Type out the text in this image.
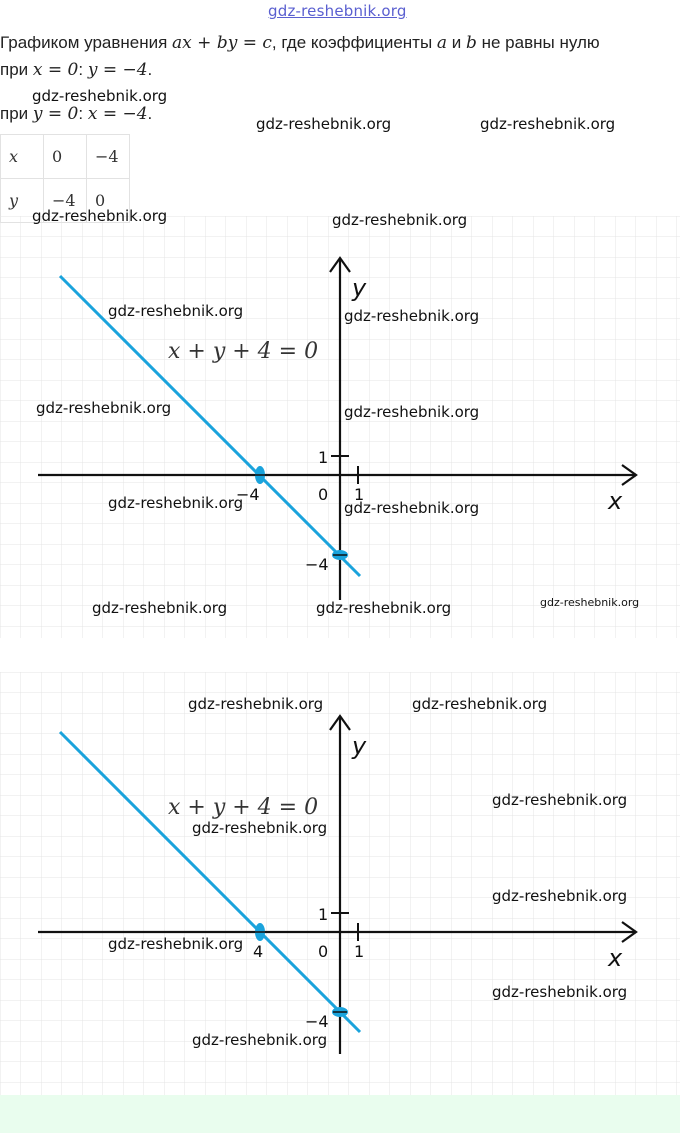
gdz-reshebnik.org
Графиком уравнения ax + by = c, где коэффициенты a и b не равны нулю
при x = 0: y = −4.
при y = 0: x = −4.
x	0	−4
y	−4	0
x + y + 4 = 0
y
x
0 1
1
−4
−4
x + y + 4 = 0
y
x
0 1
1
4
−4
gdz-reshebnik.org
gdz-reshebnik.org	gdz-reshebnik.org
gdz-reshebnik.org	gdz-reshebnik.org
gdz-reshebnik.org	gdz-reshebnik.org
gdz-reshebnik.org	gdz-reshebnik.org
gdz-reshebnik.org	gdz-reshebnik.org
gdz-reshebnik.org	gdz-reshebnik.org	gdz-reshebnik.org
gdz-reshebnik.org	gdz-reshebnik.org
gdz-reshebnik.org
gdz-reshebnik.org
gdz-reshebnik.org
gdz-reshebnik.org
gdz-reshebnik.org
gdz-reshebnik.org
